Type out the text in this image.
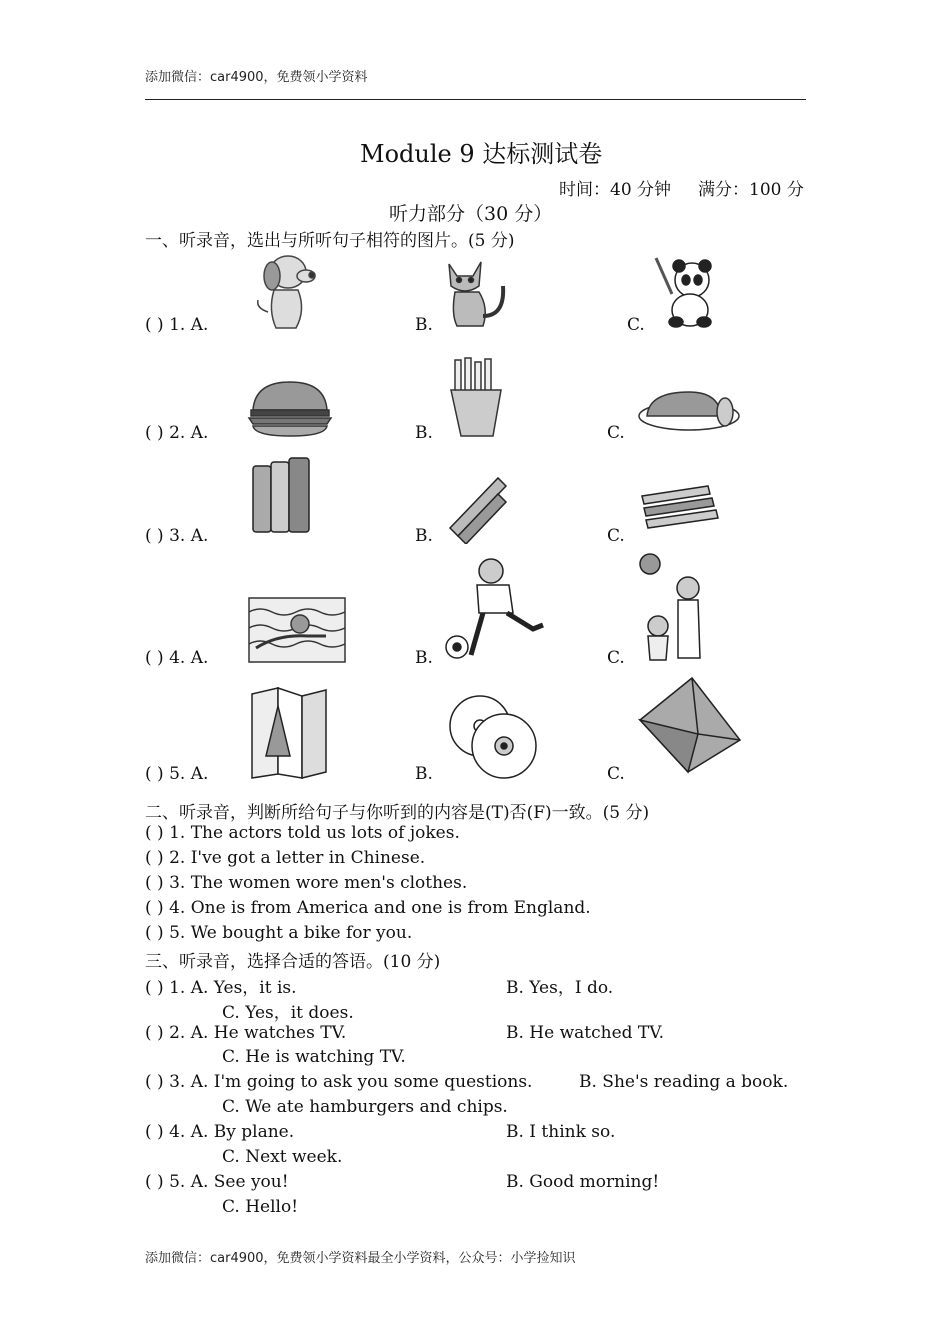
添加微信：car4900，免费领小学资料
Module 9 达标测试卷
时间：40 分钟 满分：100 分
听力部分（30 分）
一、听录音，选出与所听句子相符的图片。(5 分)
( ) 1. A.	B.	C.
( ) 2. A.	B.	C.
( ) 3. A.	B.	C.
( ) 4. A.	B.	C.
( ) 5. A.	B.	C.
二、听录音，判断所给句子与你听到的内容是(T)否(F)一致。(5 分)
( ) 1. The actors told us lots of jokes.
( ) 2. I've got a letter in Chinese.
( ) 3. The women wore men's clothes.
( ) 4. One is from America and one is from England.
( ) 5. We bought a bike for you.
三、听录音，选择合适的答语。(10 分)
( ) 1. A. Yes，it is.	B. Yes，I do.
C. Yes，it does.
( ) 2. A. He watches TV.	B. He watched TV.
C. He is watching TV.
( ) 3. A. I'm going to ask you some questions.	B. She's reading a book.
C. We ate hamburgers and chips.
( ) 4. A. By plane.	B. I think so.
C. Next week.
( ) 5. A. See you!	B. Good morning!
C. Hello!
添加微信：car4900，免费领小学资料最全小学资料，公众号：小学捡知识
